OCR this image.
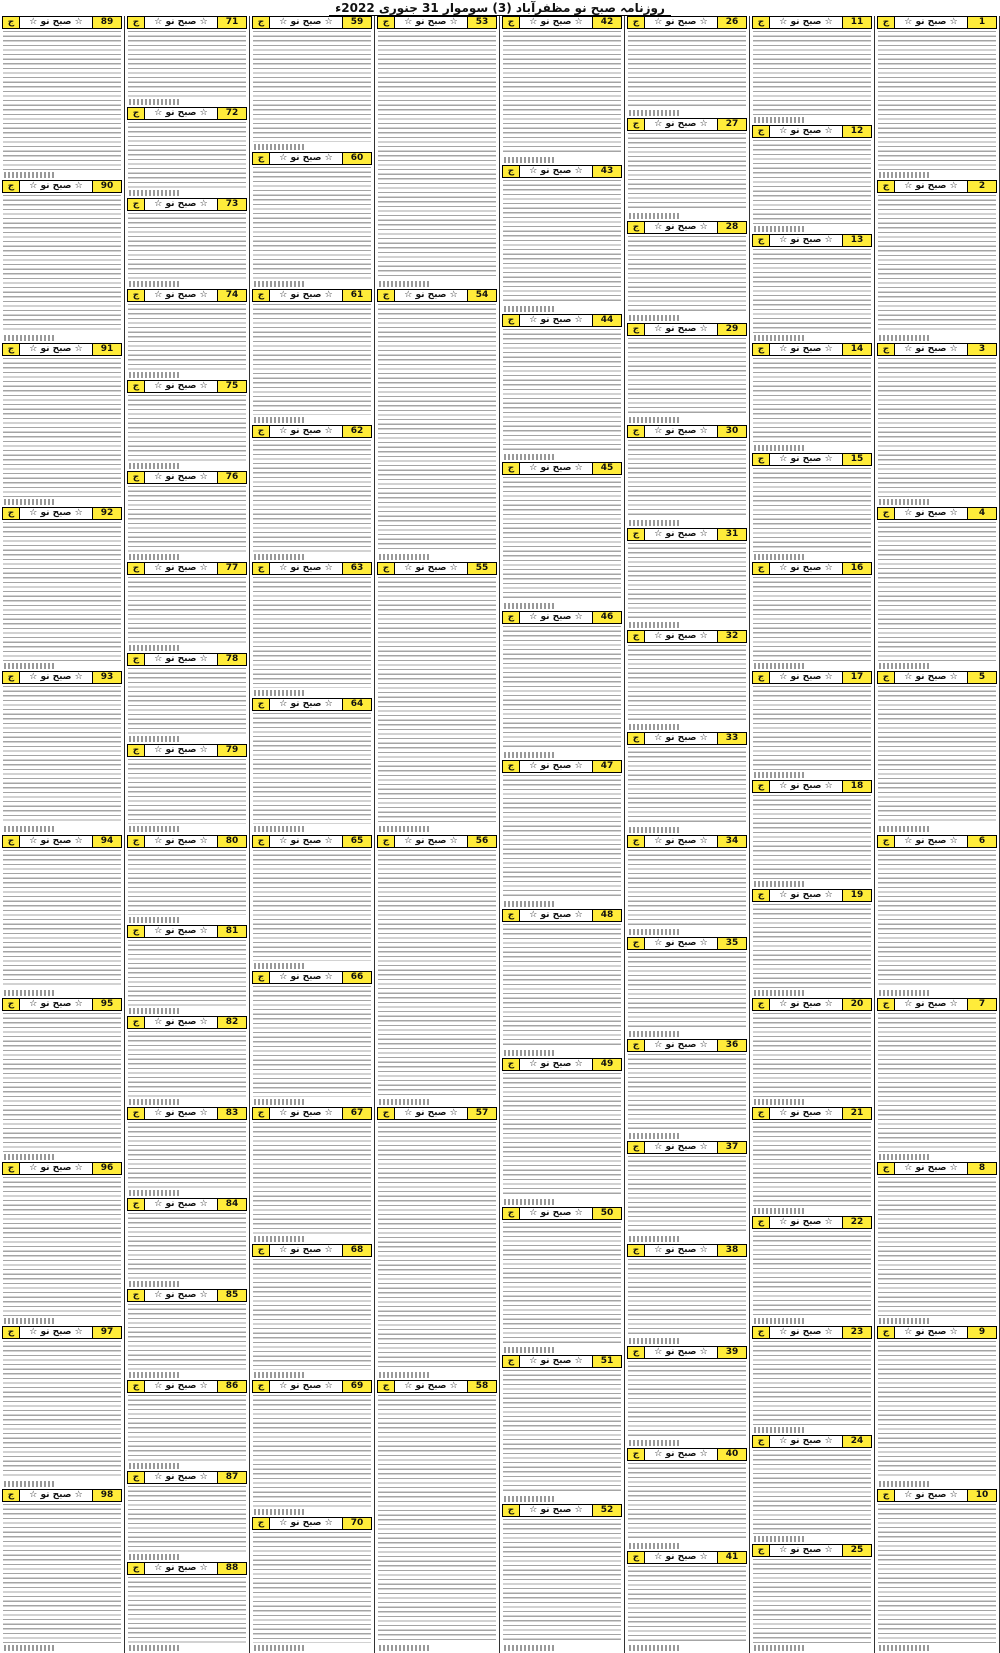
روزنامہ صبح نو مظفرآباد (3) سوموار 31 جنوری 2022ء
1
☆ صبح نو ☆
ج
2
☆ صبح نو ☆
ج
3
☆ صبح نو ☆
ج
4
☆ صبح نو ☆
ج
5
☆ صبح نو ☆
ج
6
☆ صبح نو ☆
ج
7
☆ صبح نو ☆
ج
8
☆ صبح نو ☆
ج
9
☆ صبح نو ☆
ج
10
☆ صبح نو ☆
ج
11
☆ صبح نو ☆
ج
12
☆ صبح نو ☆
ج
13
☆ صبح نو ☆
ج
14
☆ صبح نو ☆
ج
15
☆ صبح نو ☆
ج
16
☆ صبح نو ☆
ج
17
☆ صبح نو ☆
ج
18
☆ صبح نو ☆
ج
19
☆ صبح نو ☆
ج
20
☆ صبح نو ☆
ج
21
☆ صبح نو ☆
ج
22
☆ صبح نو ☆
ج
23
☆ صبح نو ☆
ج
24
☆ صبح نو ☆
ج
25
☆ صبح نو ☆
ج
26
☆ صبح نو ☆
ج
27
☆ صبح نو ☆
ج
28
☆ صبح نو ☆
ج
29
☆ صبح نو ☆
ج
30
☆ صبح نو ☆
ج
31
☆ صبح نو ☆
ج
32
☆ صبح نو ☆
ج
33
☆ صبح نو ☆
ج
34
☆ صبح نو ☆
ج
35
☆ صبح نو ☆
ج
36
☆ صبح نو ☆
ج
37
☆ صبح نو ☆
ج
38
☆ صبح نو ☆
ج
39
☆ صبح نو ☆
ج
40
☆ صبح نو ☆
ج
41
☆ صبح نو ☆
ج
42
☆ صبح نو ☆
ج
43
☆ صبح نو ☆
ج
44
☆ صبح نو ☆
ج
45
☆ صبح نو ☆
ج
46
☆ صبح نو ☆
ج
47
☆ صبح نو ☆
ج
48
☆ صبح نو ☆
ج
49
☆ صبح نو ☆
ج
50
☆ صبح نو ☆
ج
51
☆ صبح نو ☆
ج
52
☆ صبح نو ☆
ج
53
☆ صبح نو ☆
ج
54
☆ صبح نو ☆
ج
55
☆ صبح نو ☆
ج
56
☆ صبح نو ☆
ج
57
☆ صبح نو ☆
ج
58
☆ صبح نو ☆
ج
59
☆ صبح نو ☆
ج
60
☆ صبح نو ☆
ج
61
☆ صبح نو ☆
ج
62
☆ صبح نو ☆
ج
63
☆ صبح نو ☆
ج
64
☆ صبح نو ☆
ج
65
☆ صبح نو ☆
ج
66
☆ صبح نو ☆
ج
67
☆ صبح نو ☆
ج
68
☆ صبح نو ☆
ج
69
☆ صبح نو ☆
ج
70
☆ صبح نو ☆
ج
71
☆ صبح نو ☆
ج
72
☆ صبح نو ☆
ج
73
☆ صبح نو ☆
ج
74
☆ صبح نو ☆
ج
75
☆ صبح نو ☆
ج
76
☆ صبح نو ☆
ج
77
☆ صبح نو ☆
ج
78
☆ صبح نو ☆
ج
79
☆ صبح نو ☆
ج
80
☆ صبح نو ☆
ج
81
☆ صبح نو ☆
ج
82
☆ صبح نو ☆
ج
83
☆ صبح نو ☆
ج
84
☆ صبح نو ☆
ج
85
☆ صبح نو ☆
ج
86
☆ صبح نو ☆
ج
87
☆ صبح نو ☆
ج
88
☆ صبح نو ☆
ج
89
☆ صبح نو ☆
ج
90
☆ صبح نو ☆
ج
91
☆ صبح نو ☆
ج
92
☆ صبح نو ☆
ج
93
☆ صبح نو ☆
ج
94
☆ صبح نو ☆
ج
95
☆ صبح نو ☆
ج
96
☆ صبح نو ☆
ج
97
☆ صبح نو ☆
ج
98
☆ صبح نو ☆
ج
